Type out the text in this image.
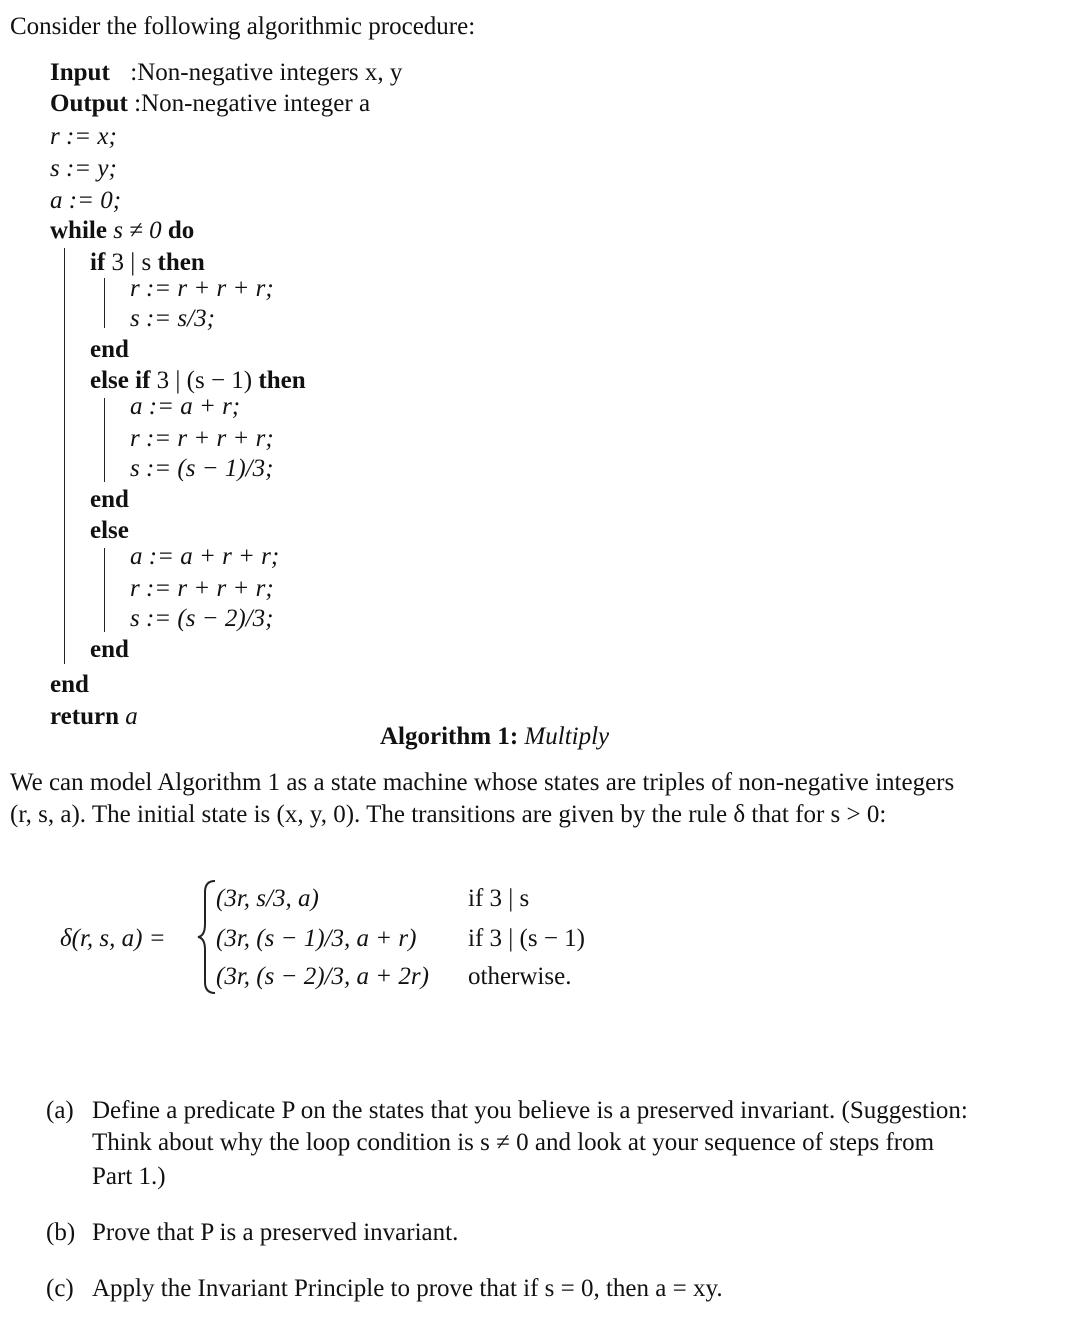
Consider the following algorithmic procedure:
Input :Non-negative integers x, y
Output :Non-negative integer a
r := x;
s := y;
a := 0;
while s ≠ 0 do
if 3 | s then
r := r + r + r;
s := s/3;
end
else if 3 | (s − 1) then
a := a + r;
r := r + r + r;
s := (s − 1)/3;
end
else
a := a + r + r;
r := r + r + r;
s := (s − 2)/3;
end
end
return a
Algorithm 1: Multiply
We can model Algorithm 1 as a state machine whose states are triples of non-negative integers
(r, s, a). The initial state is (x, y, 0). The transitions are given by the rule δ that for s > 0:
δ(r, s, a) =
(3r, s/3, a)	if 3 | s
(3r, (s − 1)/3, a + r) if 3 | (s − 1)
(3r, (s − 2)/3, a + 2r) otherwise.
(a) Define a predicate P on the states that you believe is a preserved invariant. (Suggestion:
Think about why the loop condition is s ≠ 0 and look at your sequence of steps from
Part 1.)
(b) Prove that P is a preserved invariant.
(c) Apply the Invariant Principle to prove that if s = 0, then a = xy.
